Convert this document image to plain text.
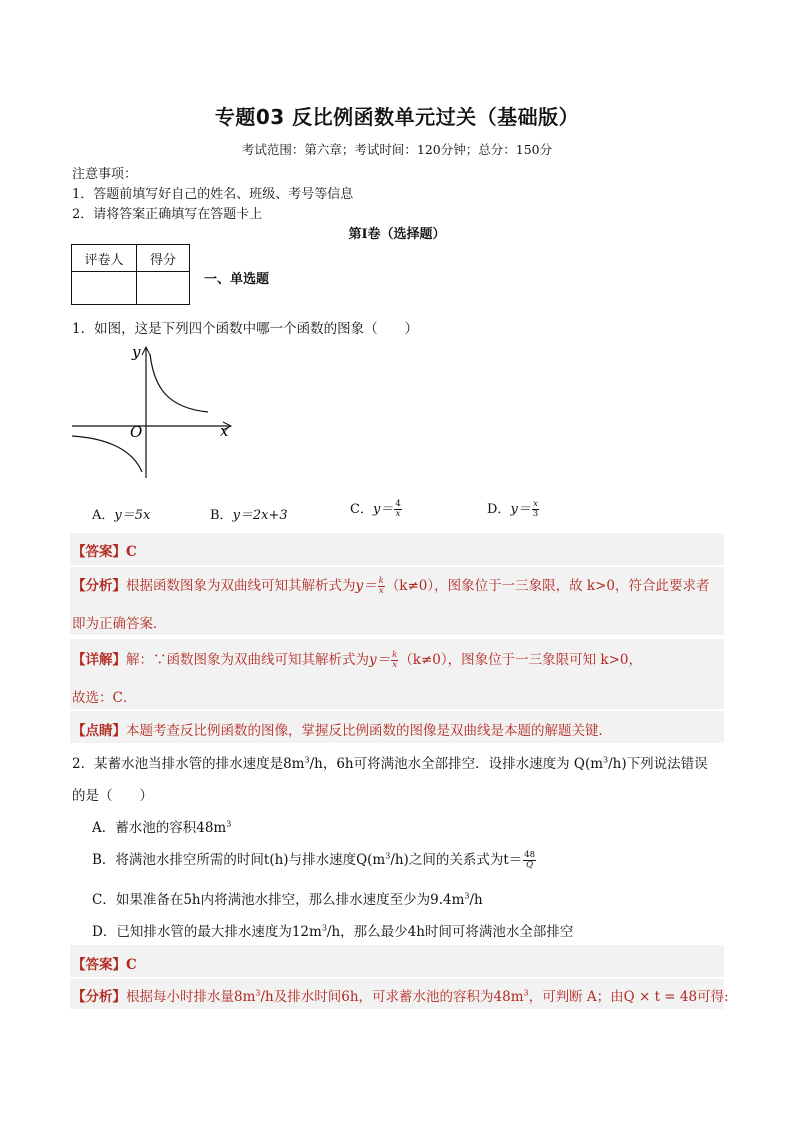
专题03 反比例函数单元过关（基础版）
考试范围：第六章；考试时间：120分钟；总分：150分
注意事项：
1．答题前填写好自己的姓名、班级、考号等信息
2．请将答案正确填写在答题卡上
第Ⅰ卷（选择题）
评卷人	得分

一、单选题
1．如图，这是下列四个函数中哪一个函数的图象（　　）
y
x
O
A．y＝5x	B．y＝2x+3	C．$y= \frac{4}{x}$	D．$y= \frac{x}{3}$
【答案】C
【分析】根据函数图象为双曲线可知其解析式为$y= \frac{k}{x} (k\ne 0)$，图象位于一三象限，故 k>0，符合此要求者
即为正确答案．
【详解】解：∵函数图象为双曲线可知其解析式为$y= \frac{k}{x} (k\ne 0)$，图象位于一三象限可知 k>0，
故选：C．
【点睛】本题考查反比例函数的图像，掌握反比例函数的图像是双曲线是本题的解题关键．
2．某蓄水池当排水管的排水速度是$8m^3/h$，6h可将满池水全部排空．设排水速度为 $Q(m^3/h)$下列说法错误
的是（　　）
A．蓄水池的容积$48m^3$
B．将满池水排空所需的时间t(h)与排水速度$Q(m^3/h)$之间的关系式为$t= \frac{48}{Q}$
C．如果准备在5h内将满池水排空，那么排水速度至少为$9.4m^3/h$
D．已知排水管的最大排水速度为$12m^3/h$，那么最少4h时间可将满池水全部排空
【答案】C
【分析】根据每小时排水量$8m^3/h$及排水时间6h，可求蓄水池的容积为$48m^3$，可判断 A；由Q × t = 48可得:
